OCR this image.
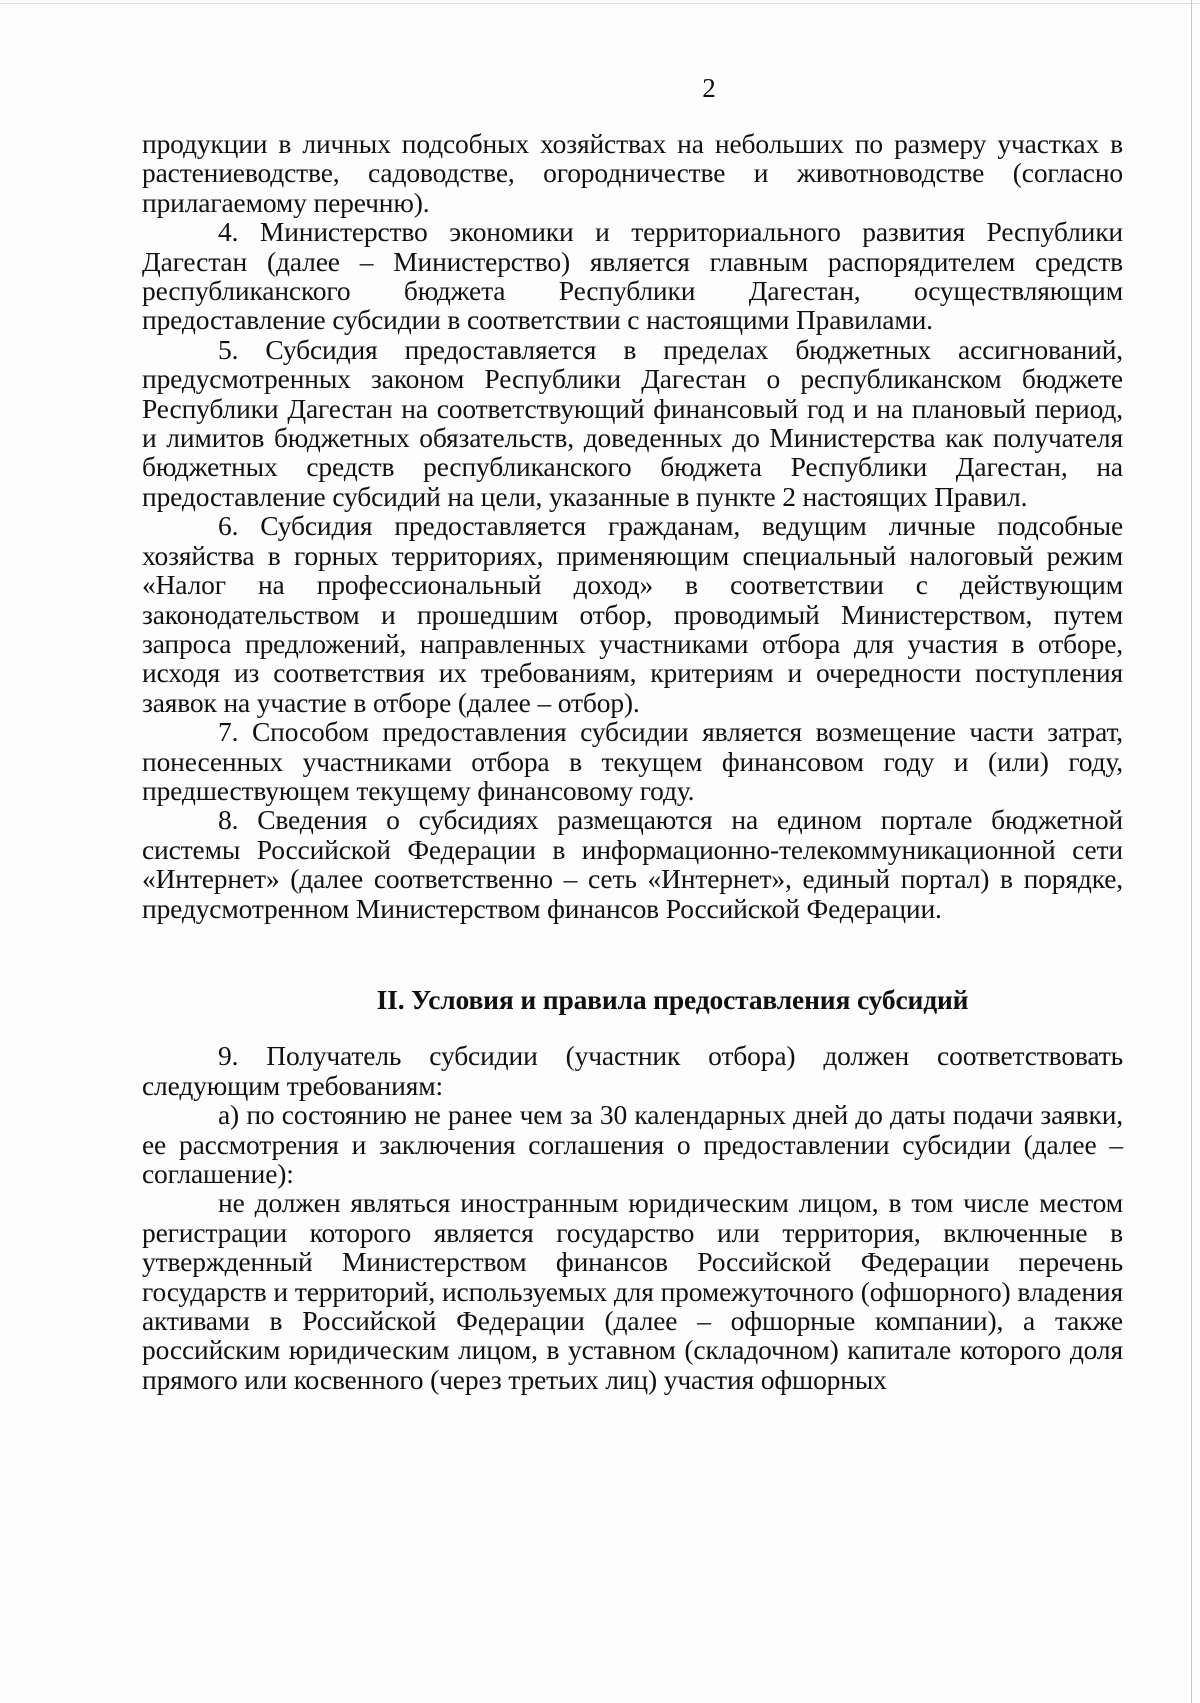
2

продукции в личных подсобных хозяйствах на небольших по размеру участках в растениеводстве, садоводстве, огородничестве и животноводстве (согласно прилагаемому перечню).

4. Министерство экономики и территориального развития Республики Дагестан (далее – Министерство) является главным распорядителем средств республиканского бюджета Республики Дагестан, осуществляющим предоставление субсидии в соответствии с настоящими Правилами.

5. Субсидия предоставляется в пределах бюджетных ассигнований, предусмотренных законом Республики Дагестан о республиканском бюджете Республики Дагестан на соответствующий финансовый год и на плановый период, и лимитов бюджетных обязательств, доведенных до Министерства как получателя бюджетных средств республиканского бюджета Республики Дагестан, на предоставление субсидий на цели, указанные в пункте 2 настоящих Правил.

6. Субсидия предоставляется гражданам, ведущим личные подсобные хозяйства в горных территориях, применяющим специальный налоговый режим «Налог на профессиональный доход» в соответствии с действующим законодательством и прошедшим отбор, проводимый Министерством, путем запроса предложений, направленных участниками отбора для участия в отборе, исходя из соответствия их требованиям, критериям и очередности поступления заявок на участие в отборе (далее – отбор).

7. Способом предоставления субсидии является возмещение части затрат, понесенных участниками отбора в текущем финансовом году и (или) году, предшествующем текущему финансовому году.

8. Сведения о субсидиях размещаются на едином портале бюджетной системы Российской Федерации в информационно-телекоммуникационной сети «Интернет» (далее соответственно – сеть «Интернет», единый портал) в порядке, предусмотренном Министерством финансов Российской Федерации.

II. Условия и правила предоставления субсидий

9. Получатель субсидии (участник отбора) должен соответствовать следующим требованиям:

а) по состоянию не ранее чем за 30 календарных дней до даты подачи заявки, ее рассмотрения и заключения соглашения о предоставлении субсидии (далее – соглашение):

не должен являться иностранным юридическим лицом, в том числе местом регистрации которого является государство или территория, включенные в утвержденный Министерством финансов Российской Федерации перечень государств и территорий, используемых для промежуточного (офшорного) владения активами в Российской Федерации (далее – офшорные компании), а также российским юридическим лицом, в уставном (складочном) капитале которого доля прямого или косвенного (через третьих лиц) участия офшорных
